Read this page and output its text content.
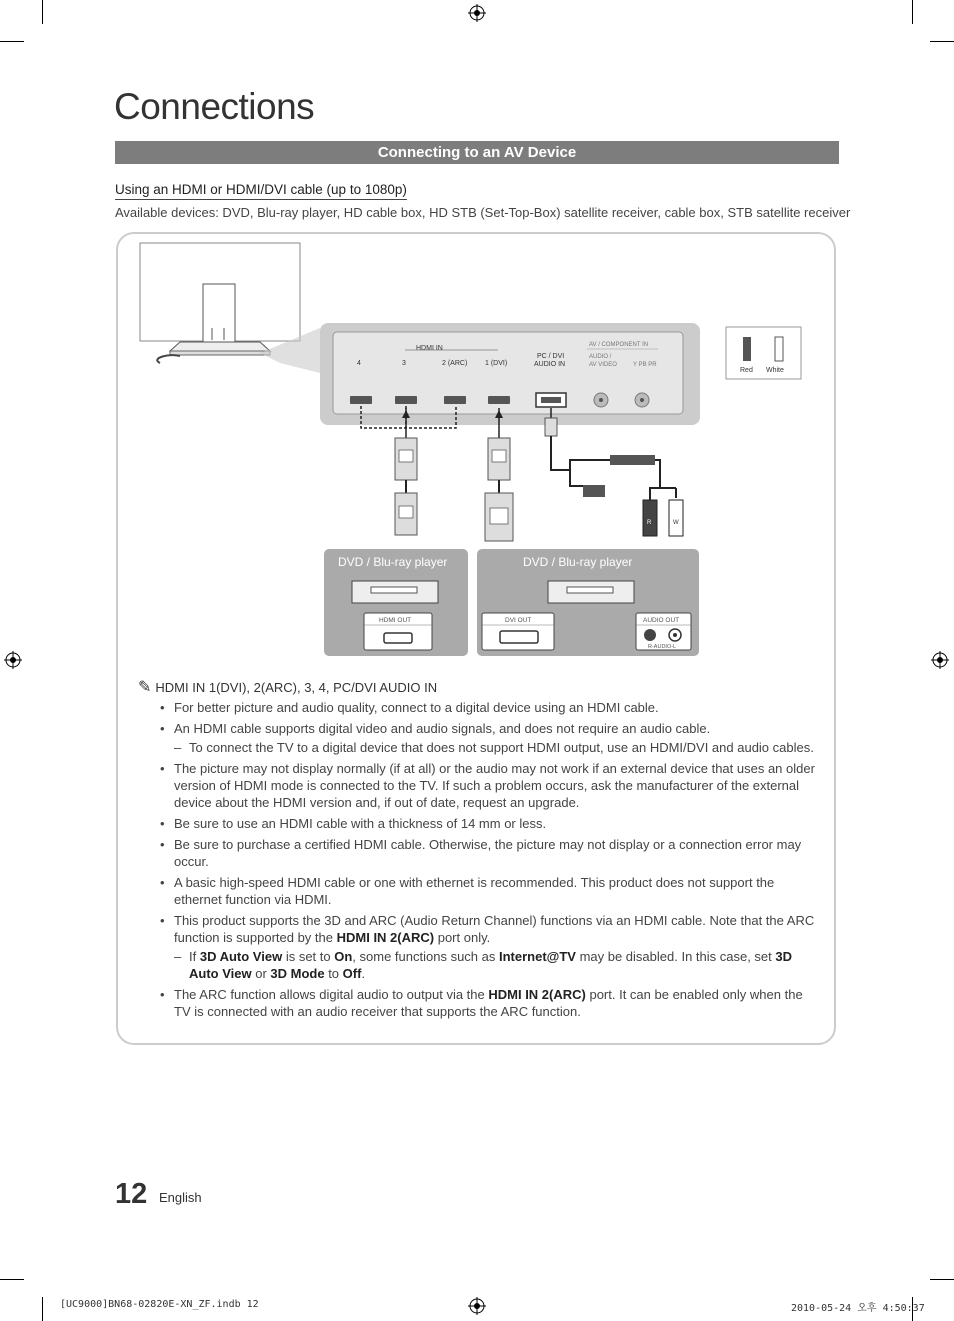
Connections
Connecting to an AV Device
Using an HDMI or HDMI/DVI cable (up to 1080p)
Available devices: DVD, Blu-ray player, HD cable box, HD STB (Set-Top-Box) satellite receiver, cable box, STB satellite receiver
HDMI IN
4	3	2 (ARC)	1 (DVI)
PC / DVI
AUDIO IN
AV / COMPONENT IN
AUDIO /
AV VIDEO	Y PB PR
R	W
Red White
DVD / Blu-ray player
HDMI OUT
DVD / Blu-ray player
DVI OUT	AUDIO OUT
R-AUDIO-L
✎ HDMI IN 1(DVI), 2(ARC), 3, 4, PC/DVI AUDIO IN
• For better picture and audio quality, connect to a digital device using an HDMI cable.
• An HDMI cable supports digital video and audio signals, and does not require an audio cable.
– To connect the TV to a digital device that does not support HDMI output, use an HDMI/DVI and audio cables.
• The picture may not display normally (if at all) or the audio may not work if an external device that uses an older version of HDMI mode is connected to the TV. If such a problem occurs, ask the manufacturer of the external device about the HDMI version and, if out of date, request an upgrade.
• Be sure to use an HDMI cable with a thickness of 14 mm or less.
• Be sure to purchase a certified HDMI cable. Otherwise, the picture may not display or a connection error may occur.
• A basic high-speed HDMI cable or one with ethernet is recommended. This product does not support the ethernet function via HDMI.
• This product supports the 3D and ARC (Audio Return Channel) functions via an HDMI cable. Note that the ARC function is supported by the HDMI IN 2(ARC) port only.
– If 3D Auto View is set to On, some functions such as Internet@TV may be disabled. In this case, set 3D Auto View or 3D Mode to Off.
• The ARC function allows digital audio to output via the HDMI IN 2(ARC) port. It can be enabled only when the TV is connected with an audio receiver that supports the ARC function.
12 English
[UC9000]BN68-02820E-XN_ZF.indb 12	2010-05-24 오후 4:50:37
